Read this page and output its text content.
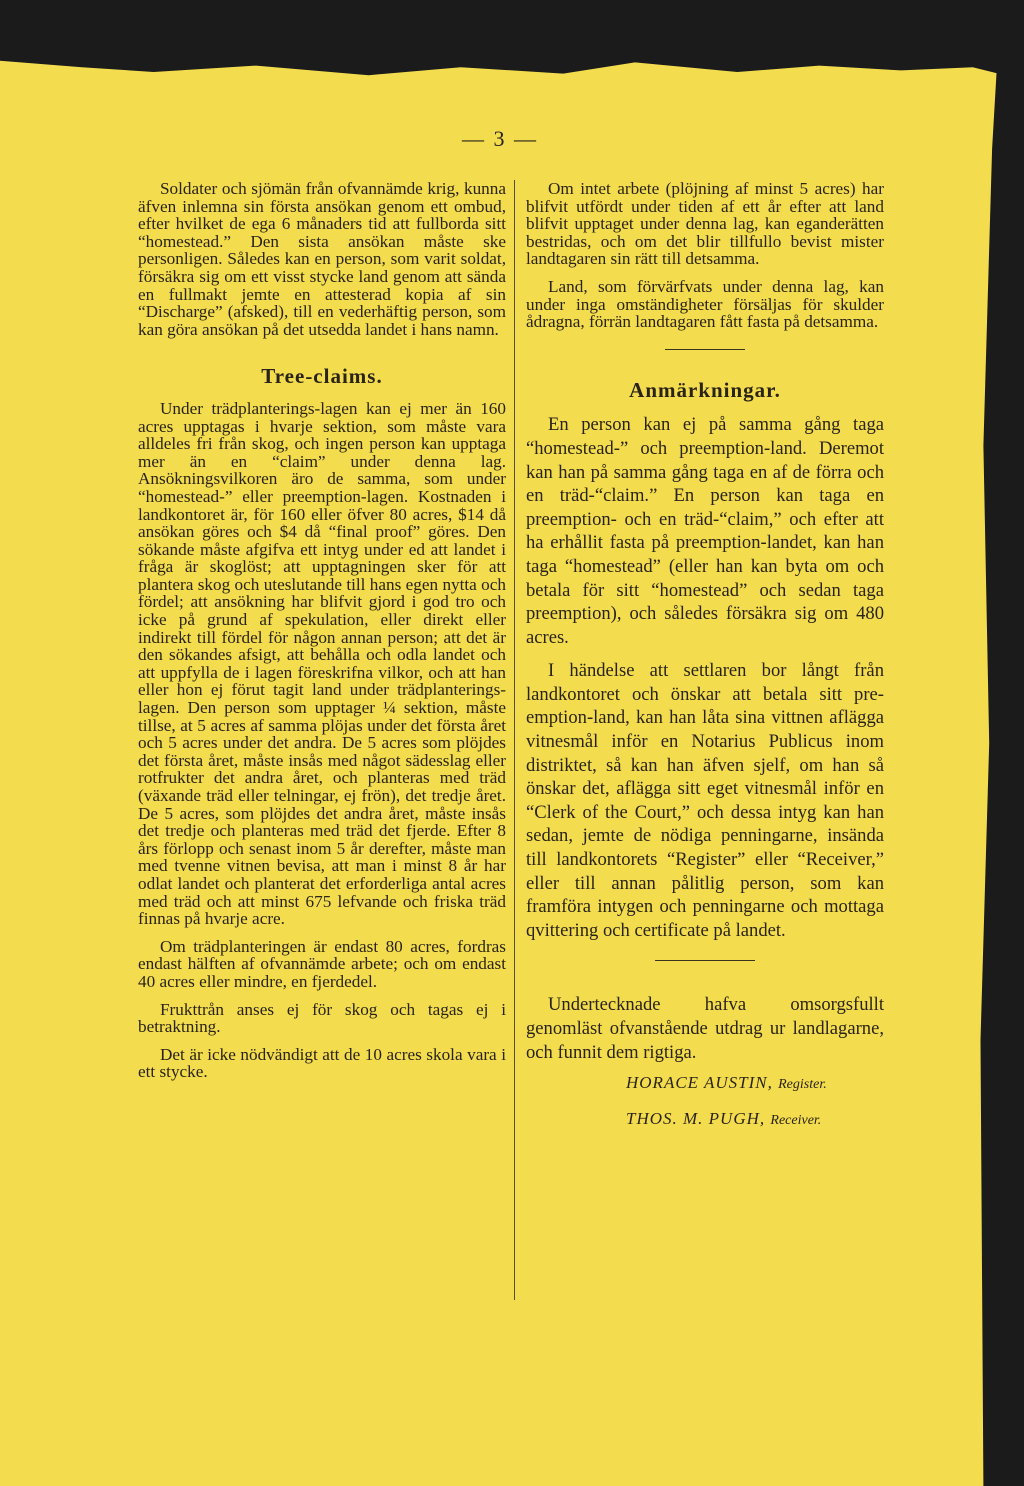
— 3 —

Soldater och sjömän från ofvannämde krig, kunna äfven inlemna sin första ansökan genom ett ombud, efter hvilket de ega 6 månaders tid att fullborda sitt “homestead.” Den sista ansökan måste ske personligen. Således kan en person, som varit soldat, försäkra sig om ett visst stycke land genom att sända en fullmakt jemte en attesterad kopia af sin “Discharge” (afsked), till en vederhäftig person, som kan göra ansökan på det utsedda landet i hans namn.

Tree-claims.

Under trädplanterings-lagen kan ej mer än 160 acres upptagas i hvarje sektion, som måste vara alldeles fri från skog, och ingen person kan upptaga mer än en “claim” under denna lag. Ansökningsvilkoren äro de samma, som under “homestead-” eller preemption-lagen. Kostnaden i landkontoret är, för 160 eller öfver 80 acres, $14 då ansökan göres och $4 då “final proof” göres. Den sökande måste afgifva ett intyg under ed att landet i fråga är skoglöst; att upptagningen sker för att plantera skog och uteslutande till hans egen nytta och fördel; att ansökning har blifvit gjord i god tro och icke på grund af spekulation, eller direkt eller indirekt till fördel för någon annan person; att det är den sökandes afsigt, att behålla och odla landet och att uppfylla de i lagen föreskrifna vilkor, och att han eller hon ej förut tagit land under trädplanterings-lagen. Den person som upptager ¼ sektion, måste tillse, at 5 acres af samma plöjas under det första året och 5 acres under det andra. De 5 acres som plöjdes det första året, måste insås med något sädesslag eller rotfrukter det andra året, och planteras med träd (växande träd eller telningar, ej frön), det tredje året. De 5 acres, som plöjdes det andra året, måste insås det tredje och planteras med träd det fjerde. Efter 8 års förlopp och senast inom 5 år derefter, måste man med tvenne vitnen bevisa, att man i minst 8 år har odlat landet och planterat det erforderliga antal acres med träd och att minst 675 lefvande och friska träd finnas på hvarje acre.

Om trädplanteringen är endast 80 acres, fordras endast hälften af ofvannämde arbete; och om endast 40 acres eller mindre, en fjerdedel.

Frukttrån anses ej för skog och tagas ej i betraktning.

Det är icke nödvändigt att de 10 acres skola vara i ett stycke.

Om intet arbete (plöjning af minst 5 acres) har blifvit utfördt under tiden af ett år efter att land blifvit upptaget under denna lag, kan eganderätten bestridas, och om det blir tillfullo bevist mister landtagaren sin rätt till detsamma.

Land, som förvärfvats under denna lag, kan under inga omständigheter försäljas för skulder ådragna, förrän landtagaren fått fasta på detsamma.

Anmärkningar.

En person kan ej på samma gång taga “homestead-” och preemption-land. Deremot kan han på samma gång taga en af de förra och en träd-“claim.” En person kan taga en preemption- och en träd-“claim,” och efter att ha erhållit fasta på preemption-landet, kan han taga “homestead” (eller han kan byta om och betala för sitt “homestead” och sedan taga preemption), och således försäkra sig om 480 acres.

I händelse att settlaren bor långt från landkontoret och önskar att betala sitt pre-emption-land, kan han låta sina vittnen aflägga vitnesmål inför en Notarius Publicus inom distriktet, så kan han äfven sjelf, om han så önskar det, aflägga sitt eget vitnesmål inför en “Clerk of the Court,” och dessa intyg kan han sedan, jemte de nödiga penningarne, insända till landkontorets “Register” eller “Receiver,” eller till annan pålitlig person, som kan framföra intygen och penningarne och mottaga qvittering och certificate på landet.

Undertecknade hafva omsorgsfullt genomläst ofvanstående utdrag ur landlagarne, och funnit dem rigtiga.

HORACE AUSTIN, Register.
THOS. M. PUGH, Receiver.
